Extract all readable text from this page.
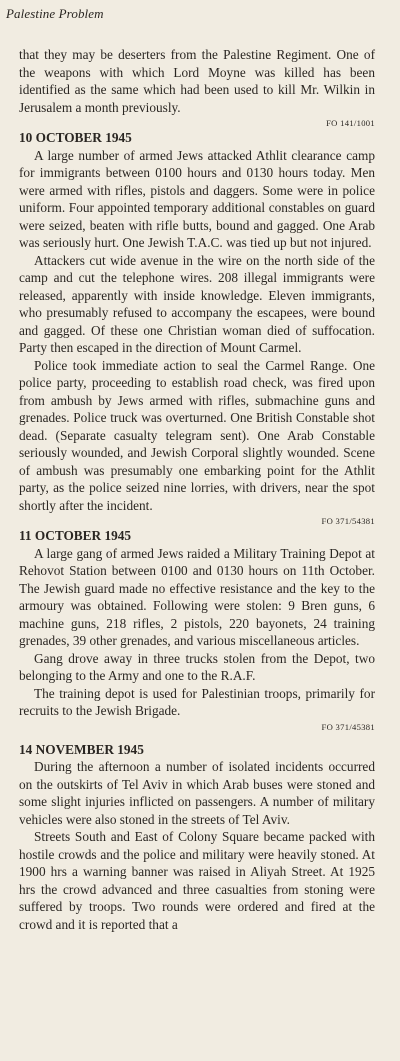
Palestine Problem

that they may be deserters from the Palestine Regiment. One of the weapons with which Lord Moyne was killed has been identified as the same which had been used to kill Mr. Wilkin in Jerusalem a month previously.

FO 141/1001
10 OCTOBER 1945

A large number of armed Jews attacked Athlit clearance camp for immigrants between 0100 hours and 0130 hours today. Men were armed with rifles, pistols and daggers. Some were in police uniform. Four appointed temporary additional constables on guard were seized, beaten with rifle butts, bound and gagged. One Arab was seriously hurt. One Jewish T.A.C. was tied up but not injured.

Attackers cut wide avenue in the wire on the north side of the camp and cut the telephone wires. 208 illegal immigrants were released, apparently with inside knowledge. Eleven immigrants, who presumably refused to accompany the escapees, were bound and gagged. Of these one Christian woman died of suffocation. Party then escaped in the direction of Mount Carmel.

Police took immediate action to seal the Carmel Range. One police party, proceeding to establish road check, was fired upon from ambush by Jews armed with rifles, submachine guns and grenades. Police truck was overturned. One British Constable shot dead. (Separate casualty telegram sent). One Arab Constable seriously wounded, and Jewish Corporal slightly wounded. Scene of ambush was presumably one embarking point for the Athlit party, as the police seized nine lorries, with drivers, near the spot shortly after the incident.

FO 371/54381
11 OCTOBER 1945

A large gang of armed Jews raided a Military Training Depot at Rehovot Station between 0100 and 0130 hours on 11th October. The Jewish guard made no effective resistance and the key to the armoury was obtained. Following were stolen: 9 Bren guns, 6 machine guns, 218 rifles, 2 pistols, 220 bayonets, 24 training grenades, 39 other grenades, and various miscellaneous articles.

Gang drove away in three trucks stolen from the Depot, two belonging to the Army and one to the R.A.F.

The training depot is used for Palestinian troops, primarily for recruits to the Jewish Brigade.

FO 371/45381
14 NOVEMBER 1945

During the afternoon a number of isolated incidents occurred on the outskirts of Tel Aviv in which Arab buses were stoned and some slight injuries inflicted on passengers. A number of military vehicles were also stoned in the streets of Tel Aviv.

Streets South and East of Colony Square became packed with hostile crowds and the police and military were heavily stoned. At 1900 hrs a warning banner was raised in Aliyah Street. At 1925 hrs the crowd advanced and three casualties from stoning were suffered by troops. Two rounds were ordered and fired at the crowd and it is reported that a
